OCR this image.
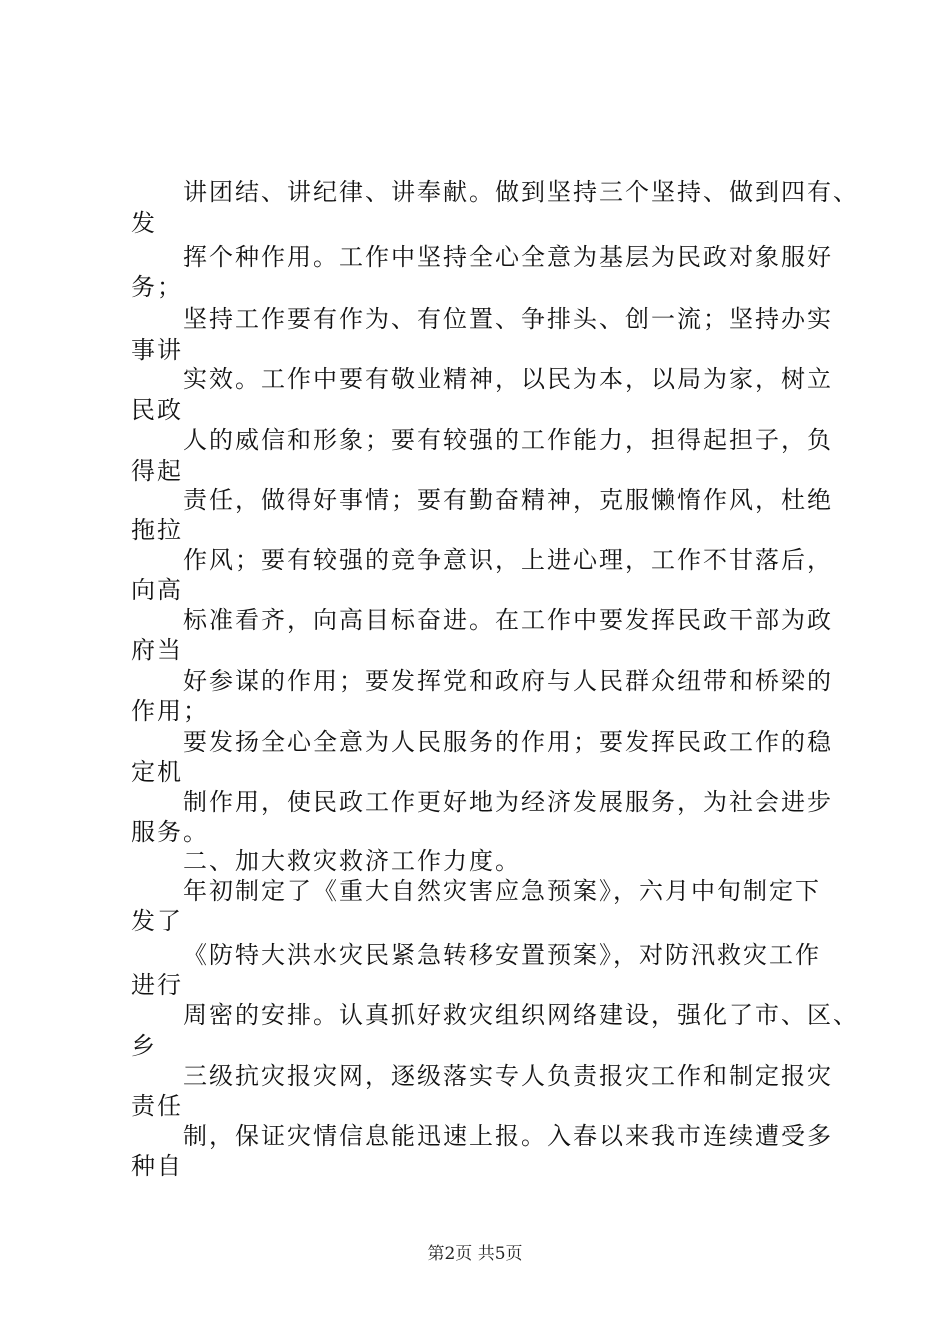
讲团结、讲纪律、讲奉献。做到坚持三个坚持、做到四有、
发
挥个种作用。工作中坚持全心全意为基层为民政对象服好
务；
坚持工作要有作为、有位置、争排头、创一流；坚持办实
事讲
实效。工作中要有敬业精神，以民为本，以局为家，树立
民政
人的威信和形象；要有较强的工作能力，担得起担子，负
得起
责任，做得好事情；要有勤奋精神，克服懒惰作风，杜绝
拖拉
作风；要有较强的竞争意识，上进心理，工作不甘落后，
向高
标准看齐，向高目标奋进。在工作中要发挥民政干部为政
府当
好参谋的作用；要发挥党和政府与人民群众纽带和桥梁的
作用；
要发扬全心全意为人民服务的作用；要发挥民政工作的稳
定机
制作用，使民政工作更好地为经济发展服务，为社会进步
服务。
二、加大救灾救济工作力度。
年初制定了《重大自然灾害应急预案》，六月中旬制定下
发了
《防特大洪水灾民紧急转移安置预案》，对防汛救灾工作
进行
周密的安排。认真抓好救灾组织网络建设，强化了市、区、
乡
三级抗灾报灾网，逐级落实专人负责报灾工作和制定报灾
责任
制，保证灾情信息能迅速上报。入春以来我市连续遭受多
种自
第2页 共5页
